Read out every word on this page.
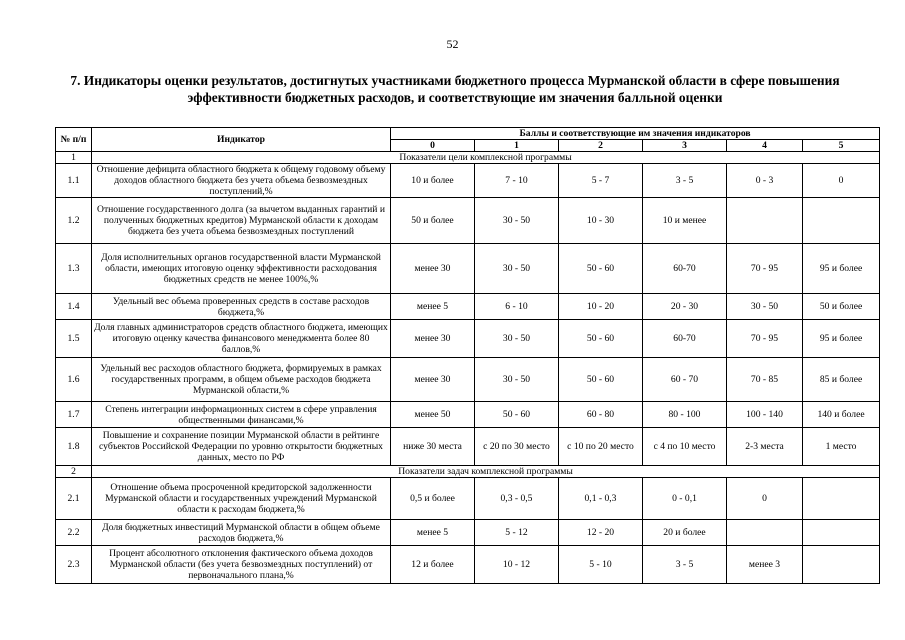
52
7. Индикаторы оценки результатов, достигнутых участниками бюджетного процесса Мурманской области в сфере повышения эффективности бюджетных расходов, и соответствующие им значения балльной оценки
№ п/п	Индикатор	Баллы и соответствующие им значения индикаторов					
		0	1	2	3	4	5
1	Показатели цели комплексной программы						
1.1	Отношение дефицита областного бюджета к общему годовому объему доходов областного бюджета без учета объема безвозмездных поступлений,%	10 и более	7 - 10	5 - 7	3 - 5	0 - 3	0
1.2	Отношение государственного долга (за вычетом выданных гарантий и полученных бюджетных кредитов) Мурманской области к доходам бюджета без учета объема безвозмездных поступлений	50 и более	30 - 50	10 - 30	10 и менее		
1.3	Доля исполнительных органов государственной власти Мурманской области, имеющих итоговую оценку эффективности расходования бюджетных средств не менее 100%,%	менее 30	30 - 50	50 - 60	60-70	70 - 95	95 и более
1.4	Удельный вес объема проверенных средств в составе расходов бюджета,%	менее 5	6 - 10	10 - 20	20 - 30	30 - 50	50 и более
1.5	Доля главных администраторов средств областного бюджета, имеющих итоговую оценку качества финансового менеджмента более 80 баллов,%	менее 30	30 - 50	50 - 60	60-70	70 - 95	95 и более
1.6	Удельный вес расходов областного бюджета, формируемых в рамках государственных программ, в общем объеме расходов бюджета Мурманской области,%	менее 30	30 - 50	50 - 60	60 - 70	70 - 85	85 и более
1.7	Степень интеграции информационных систем в сфере управления общественными финансами,%	менее 50	50 - 60	60 - 80	80 - 100	100 - 140	140 и более
1.8	Повышение и сохранение позиции Мурманской области в рейтинге субъектов Российской Федерации по уровню открытости бюджетных данных, место по РФ	ниже 30 места	с 20 по 30 место	с 10 по 20 место	с 4 по 10 место	2-3 места	1 место
2	Показатели задач комплексной программы						
2.1	Отношение объема просроченной кредиторской задолженности Мурманской области и государственных учреждений Мурманской области к расходам бюджета,%	0,5 и более	0,3 - 0,5	0,1 - 0,3	0 - 0,1	0	
2.2	Доля бюджетных инвестиций Мурманской области в общем объеме расходов бюджета,%	менее 5	5 - 12	12 - 20	20 и более		
2.3	Процент абсолютного отклонения фактического объема доходов Мурманской области (без учета безвозмездных поступлений) от первоначального плана,%	12 и более	10 - 12	5 - 10	3 - 5	менее 3	
